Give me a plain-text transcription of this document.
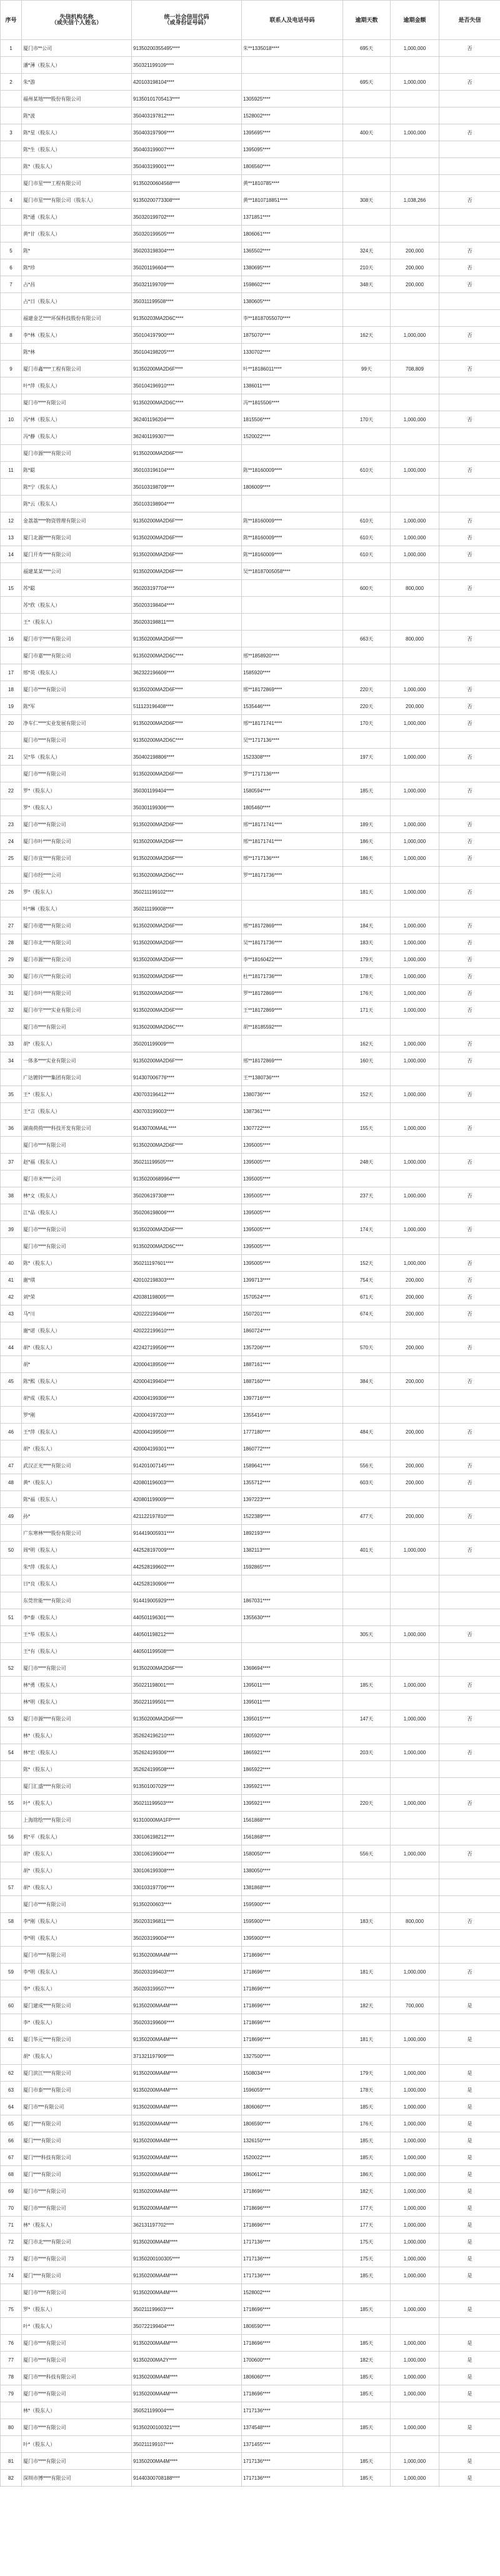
序号	失信机构名称
（或失信个人姓名）	统一社会信用代码
（或身份证号码）	联系人及电话号码	逾期天数	逾期金额	是否失信
1	厦门市**公司	91350200355495****	朱**1335018****	695天	1,000,000	否
	潘*薄（股东人）	350321199109****				
2	朱*游	420103198104****		695天	1,000,000	否
	福州某地****股份有限公司	91350101705413****	1305925****			
	陈*波	350403197812****	1528002****			
3	陈*星（股东人）	350403197906****	1395695****	400天	1,000,000	否
	陈*生（股东人）	350403199007****	1395095****			
	陈*（股东人）	350403199001****	1806560****			
	厦门市星****工程有限公司	91350200604568****	黄**1810785****			
4	厦门市星****有限公司（股东人）	91350200773308****	黄**1810718851****	308天	1,038,266	否
	陈*通（股东人）	350320199702****	1371851****			
	黄*甘（股东人）	350320199505****	1806061****			
5	陈*	350203198304****	1365502****	324天	200,000	否
6	陈*珍	350201196604****	1380695****	210天	200,000	否
7	占*昌	350321199709****	1598602****	348天	200,000	否
	占*日（股东人）	350311199508****	1380605****			
	福建金艺****环保科技股份有限公司	91350203MA2D6C****	李**18187055070****			
8	李*林（股东人）	350104197900****	1875070****	162天	1,000,000	否
	陈*林	350104198205****	1330702****			
9	厦门市鑫****工程有限公司	91350200MA2D6F****	叶**18186011****	99天	708,809	否
	叶*萍（股东人）	350104196910****	1386011****			
	厦门市****有限公司	91350200MA2D6C****	冯**1815506****			
10	冯*林（股东人）	362401196204****	1815506****	170天	1,000,000	否
	冯*静（股东人）	362401199307****	1520022****			
	厦门市源****有限公司	91350200MA2D6F****				
11	陈*聪	350103196104****	陈**18160009****	610天	1,000,000	否
	陈*宁（股东人）	350103198709****	1806009****			
	陈*云（股东人）	350103198904****				
12	金荔荔****物资管理有限公司	91350200MA2D6F****	陈**18160009****	610天	1,000,000	否
13	厦门北源****有限公司	91350200MA2D6F****	陈**18160009****	610天	1,000,000	否
14	厦门开寿****有限公司	91350200MA2D6F****	陈**18160009****	610天	1,000,000	否
	福建某某****公司	91350200MA2D6F****	吴**18187005058****			
15	苏*聪	350203197704****		600天	800,000	否
	苏*欣（股东人）	350203198404****				
	王*（股东人）	350203198811****				
16	厦门市宇****有限公司	91350200MA2D6F****		663天	800,000	否
	厦门市嘉****有限公司	91350200MA2D6C****	邢**1858920****			
17	邢*英（股东人）	362322196606****	1585920****			
18	厦门市****有限公司	91350200MA2D6F****	邢**18172869****	220天	1,000,000	否
19	陈*军	511123196408****	1535446****	220天	200,000	否
20	净车仁****实业发展有限公司	91350200MA2D6F****	邢**18171741****	170天	1,000,000	否
	厦门市****有限公司	91350200MA2D6C****	吴**1717136****			
21	吴*华（股东人）	350402198806****	1523308****	197天	1,000,000	否
	厦门市****有限公司	91350200MA2D6F****	罗**1717136****			
22	罗*（股东人）	350301199404****	1580594****	185天	1,000,000	否
	罗*（股东人）	350301199306****	1805460****			
23	厦门市****有限公司	91350200MA2D6F****	邢**18171741****	189天	1,000,000	否
24	厦门市叶****有限公司	91350200MA2D6F****	邢**18171741****	186天	1,000,000	否
25	厦门市宜****有限公司	91350200MA2D6F****	邢**1717136****	186天	1,000,000	否
	厦门市经****公司	91350200MA2D6C****	罗**18171736****			
26	罗*（股东人）	350211199102****		181天	1,000,000	否
	叶*琳（股东人）	350211199008****				
27	厦门市道****有限公司	91350200MA2D6F****	邢**18172869****	184天	1,000,000	否
28	厦门市北****有限公司	91350200MA2D6F****	吴**18171736****	183天	1,000,000	否
29	厦门市源****有限公司	91350200MA2D6F****	李**18160422****	179天	1,000,000	否
30	厦门市兴****有限公司	91350200MA2D6F****	杜**18171736****	178天	1,000,000	否
31	厦门市叶****有限公司	91350200MA2D6F****	罗**18172869****	176天	1,000,000	否
32	厦门市宇****实业有限公司	91350200MA2D6F****	王**18172869****	171天	1,000,000	否
	厦门市****有限公司	91350200MA2D6C****	胡**18185592****			
33	胡*（股东人）	350201199009****		162天	1,000,000	否
34	一体多****实业有限公司	91350200MA2D6F****	邢**18172869****	160天	1,000,000	否
	广达镀锌****集团有限公司	914307006776****	王**1380736****			
35	王*（股东人）	430703196412****	1380736****	152天	1,000,000	否
	王*言（股东人）	430703199003****	1387361****			
36	湖南荷荷****科技开发有限公司	91430700MA4L****	1307722****	155天	1,000,000	否
	厦门市****有限公司	91350200MA2D6F****	1395005****			
37	赵*福（股东人）	350211199505****	1395005****	248天	1,000,000	否
	厦门市米****公司	91350200689964****	1395005****			
38	林*文（股东人）	350206197308****	1395005****	237天	1,000,000	否
	江*品（股东人）	350206198006****	1395005****			
39	厦门市****有限公司	91350200MA2D6F****	1395005****	174天	1,000,000	否
	厦门市****有限公司	91350200MA2D6C****	1395005****			
40	陈*（股东人）	350211197601****	1395005****	152天	1,000,000	否
41	谢*琪	420102198303****	1399713****	754天	200,000	否
42	刘*荣	420381198005****	1570524****	671天	200,000	否
43	马*川	420222199406****	1507201****	674天	200,000	否
	谢*诺（股东人）	420222199610****	1860724****			
44	胡*（股东人）	422427199506****	1357206****	570天	200,000	否
	胡*	420004189506****	1887161****			
45	陈*熙（股东人）	420004199404****	1887160****	384天	200,000	否
	胡*成（股东人）	420004199306****	1397716****			
	罗*刚	420004197203****	1355416****			
46	王*萍（股东人）	420004199506****	1777180****	484天	200,000	否
	胡*（股东人）	420004199301****	1860772****			
47	武汉正光****有限公司	914201007145****	1589641****	556天	200,000	否
48	黄*（股东人）	420801196003****	1355712****	603天	200,000	否
	陈*福（股东人）	420801199009****	1397223****			
49	孙*	421122197810****	1522389****	477天	200,000	否
	广东寒林****股份有限公司	914419005931****	1892193****			
50	周*明（股东人）	442528197009****	1382113****	401天	1,000,000	否
	朱*萍（股东人）	442528199602****	1592865****			
	日*良（股东人）	442528190906****				
	东莞世能****有限公司	914419005929****	1867031****			
51	李*泰（股东人）	440501196301****	1355630****			
	王*华（股东人）	440501198212****		305天	1,000,000	否
	王*有（股东人）	440501199508****				
52	厦门市****有限公司	91350200MA2D6F****	1369694****			
	林*勇（股东人）	350221198001****	1395011****	185天	1,000,000	否
	林*明（股东人）	350221199501****	1395011****			
53	厦门市源****有限公司	91350200MA2D6F****	1395015****	147天	1,000,000	否
	林*（股东人）	352624196210****	1805920****			
54	林*宏（股东人）	352624199306****	1865921****	203天	1,000,000	否
	陈*（股东人）	352624199508****	1865922****			
	厦门汇盛****有限公司	913501007029****	1395921****			
55	叶*（股东人）	350211199503****	1395921****	220天	1,000,000	否
	上海铭绘****有限公司	91310000MA1FP****	1561868****			
56	莉*平（股东人）	330106198212****	1561868****			
	胡*（股东人）	330106199004****	1580050****	556天	1,000,000	否
	胡*（股东人）	330106199308****	1380050****			
57	胡*（股东人）	330103197706****	1381868****			
	厦门市****有限公司	91350200603****	1595900****			
58	李*刚（股东人）	350203196811****	1595900****	183天	800,000	否
	李*明（股东人）	350203199004****	1395900****			
	厦门市****有限公司	91350200MA4M****	1718696****			
59	李*明（股东人）	350203199403****	1718696****	181天	1,000,000	否
	李*（股东人）	350203199507****	1718696****			
60	厦门建成****有限公司	91350200MA4M****	1718696****	182天	700,000	是
	李*（股东人）	350203199606****	1718696****			
61	厦门华元****有限公司	91350200MA4M****	1718696****	181天	1,000,000	是
	胡*（股东人）	371321197909****	1327500****			
62	厦门滨江****有限公司	91350200MA4M****	1508034****	179天	1,000,000	是
63	厦门市泰****有限公司	91350200MA4M****	1596059****	178天	1,000,000	是
64	厦门市***有限公司	91350200MA4M****	1806060****	185天	1,000,000	是
65	厦门****有限公司	91350200MA4M****	1806590****	176天	1,000,000	是
66	厦门****有限公司	91350200MA4M****	1326150****	185天	1,000,000	是
67	厦门****科技有限公司	91350200MA4M****	1520022****	185天	1,000,000	是
68	厦门****有限公司	91350200MA4M****	1860612****	186天	1,000,000	是
69	厦门市****有限公司	91350200MA4M****	1718696****	182天	1,000,000	是
70	厦门市****有限公司	91350200MA4M****	1718696****	177天	1,000,000	是
71	林*（股东人）	362131197702****	1718696****	177天	1,000,000	是
72	厦门市北****有限公司	91350200MA4M****	1717136****	175天	1,000,000	是
73	厦门市****有限公司	91350200100305****	1717136****	175天	1,000,000	是
74	厦门****有限公司	91350200MA4M****	1717136****	185天	1,000,000	是
	厦门市****有限公司	91350200MA4M****	1528002****			
75	罗*（股东人）	350211199603****	1718696****	185天	1,000,000	是
	叶*（股东人）	350722199404****	1806590****			
76	厦门市****有限公司	91350200MA4M****	1718696****	185天	1,000,000	是
77	厦门市****有限公司	91350200MA2Y****	1700600****	182天	1,000,000	是
78	厦门市****科技有限公司	91350200MA4M****	1806060****	185天	1,000,000	是
79	厦门市****有限公司	91350200MA4M****	1718696****	185天	1,000,000	是
	林*（股东人）	350521199004****	1717136****			
80	厦门市****有限公司	91350200100321****	1374548****	185天	1,000,000	是
	叶*（股东人）	350211199107****	1371455****			
81	厦门市****有限公司	91350200MA4M****	1717136****	185天	1,000,000	是
82	深圳市博****有限公司	91440300708188****	1717136****	185天	1,000,000	是
